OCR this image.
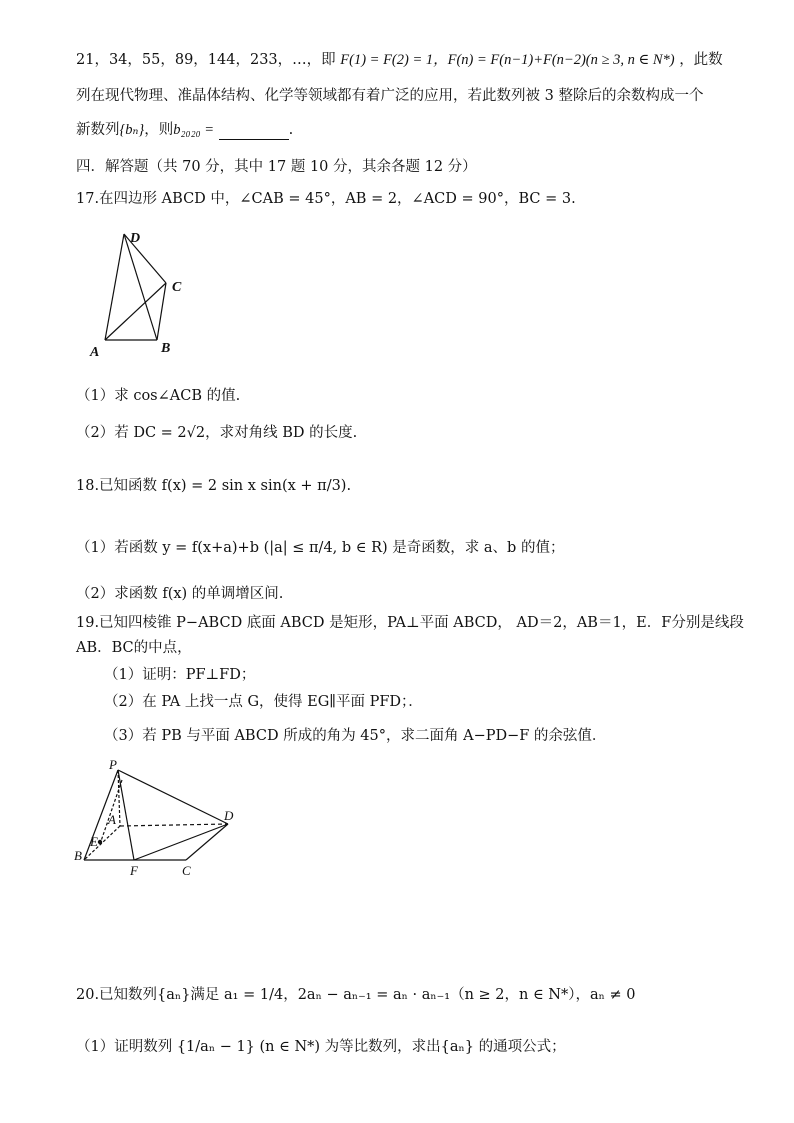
21，34，55，89，144，233，…，即 F(1) = F(2) = 1，F(n) = F(n−1)+F(n−2)(n ≥ 3, n ∈ N*) ，此数
列在现代物理、准晶体结构、化学等领域都有着广泛的应用，若此数列被 3 整除后的余数构成一个
新数列{bₙ}，则b₂₀₂₀ =	.
四．解答题（共 70 分，其中 17 题 10 分，其余各题 12 分）
17.在四边形 ABCD 中，∠CAB = 45°，AB = 2，∠ACD = 90°，BC = 3.
D
C
A	B
（1）求 cos∠ACB 的值.
（2）若 DC = 2√2，求对角线 BD 的长度.
18.已知函数 f(x) = 2 sin x sin(x + π/3).
（1）若函数 y = f(x+a)+b (|a| ≤ π/4, b ∈ R) 是奇函数，求 a、b 的值；
（2）求函数 f(x) 的单调增区间.
19.已知四棱锥 P−ABCD 底面 ABCD 是矩形，PA⊥平面 ABCD， AD＝2，AB＝1，E．F分别是线段
AB．BC的中点，
（1）证明：PF⊥FD；
（2）在 PA 上找一点 G，使得 EG∥平面 PFD；．
（3）若 PB 与平面 ABCD 所成的角为 45°，求二面角 A−PD−F 的余弦值．
P
A	D
E
B
F	C
20.已知数列{aₙ}满足 a₁ = 1/4，2aₙ − aₙ₋₁ = aₙ · aₙ₋₁（n ≥ 2，n ∈ N*），aₙ ≠ 0
（1）证明数列 {1/aₙ − 1} (n ∈ N*) 为等比数列，求出{aₙ} 的通项公式；
